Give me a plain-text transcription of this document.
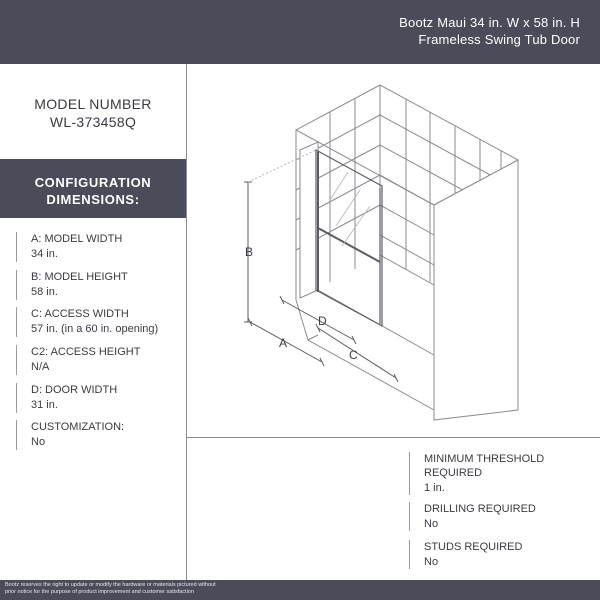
Bootz Maui 34 in. W x 58 in. H
Frameless Swing Tub Door
MODEL NUMBER
WL-373458Q
CONFIGURATION
DIMENSIONS:
A: MODEL WIDTH
34 in.
B: MODEL HEIGHT
58 in.
C: ACCESS WIDTH
57 in. (in a 60 in. opening)
C2: ACCESS HEIGHT
N/A
D: DOOR WIDTH
31 in.
CUSTOMIZATION:
No
MINIMUM THRESHOLD
REQUIRED
1 in.
DRILLING REQUIRED
No
STUDS REQUIRED
No
B
D
A
C
Bootz reserves the right to update or modify the hardware or materials pictured without
prior notice for the purpose of product improvement and customer satisfaction
